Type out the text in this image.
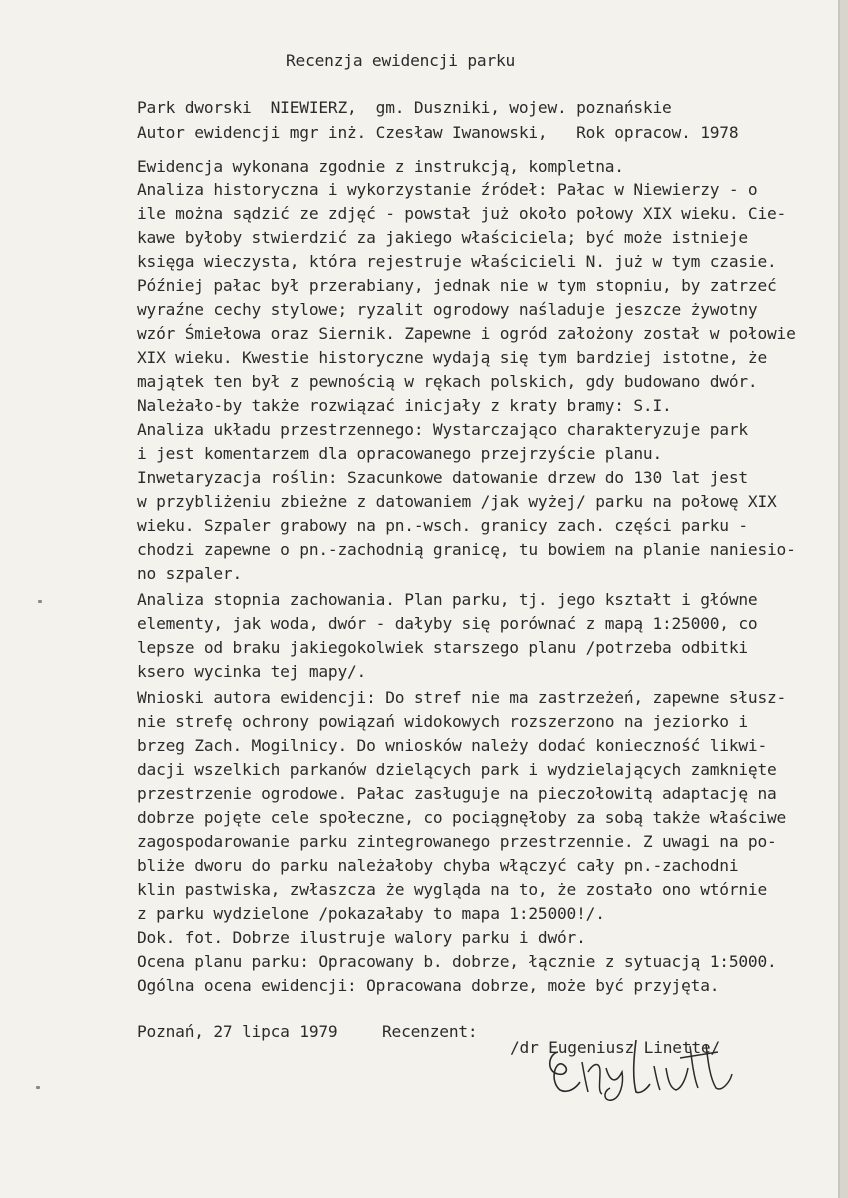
Recenzja ewidencji parku
Park dworski  NIEWIERZ,  gm. Duszniki, wojew. poznańskie
Autor ewidencji mgr inż. Czesław Iwanowski,   Rok opracow. 1978
Ewidencja wykonana zgodnie z instrukcją, kompletna.
Analiza historyczna i wykorzystanie źródeł: Pałac w Niewierzy - o
ile można sądzić ze zdjęć - powstał już około połowy XIX wieku. Cie-
kawe byłoby stwierdzić za jakiego właściciela; być może istnieje
księga wieczysta, która rejestruje właścicieli N. już w tym czasie.
Później pałac był przerabiany, jednak nie w tym stopniu, by zatrzeć
wyraźne cechy stylowe; ryzalit ogrodowy naśladuje jeszcze żywotny
wzór Śmiełowa oraz Siernik. Zapewne i ogród założony został w połowie
XIX wieku. Kwestie historyczne wydają się tym bardziej istotne, że
majątek ten był z pewnością w rękach polskich, gdy budowano dwór.
Należało-by także rozwiązać inicjały z kraty bramy: S.I.
Analiza układu przestrzennego: Wystarczająco charakteryzuje park
i jest komentarzem dla opracowanego przejrzyście planu.
Inwetaryzacja roślin: Szacunkowe datowanie drzew do 130 lat jest
w przybliżeniu zbieżne z datowaniem /jak wyżej/ parku na połowę XIX
wieku. Szpaler grabowy na pn.-wsch. granicy zach. części parku -
chodzi zapewne o pn.-zachodnią granicę, tu bowiem na planie naniesio-
no szpaler.
Analiza stopnia zachowania. Plan parku, tj. jego kształt i główne
elementy, jak woda, dwór - dałyby się porównać z mapą 1:25000, co
lepsze od braku jakiegokolwiek starszego planu /potrzeba odbitki
ksero wycinka tej mapy/.
Wnioski autora ewidencji: Do stref nie ma zastrzeżeń, zapewne słusz-
nie strefę ochrony powiązań widokowych rozszerzono na jeziorko i
brzeg Zach. Mogilnicy. Do wniosków należy dodać konieczność likwi-
dacji wszelkich parkanów dzielących park i wydzielających zamknięte
przestrzenie ogrodowe. Pałac zasługuje na pieczołowitą adaptację na
dobrze pojęte cele społeczne, co pociągnęłoby za sobą także właściwe
zagospodarowanie parku zintegrowanego przestrzennie. Z uwagi na po-
bliże dworu do parku należałoby chyba włączyć cały pn.-zachodni
klin pastwiska, zwłaszcza że wygląda na to, że zostało ono wtórnie
z parku wydzielone /pokazałaby to mapa 1:25000!/.
Dok. fot. Dobrze ilustruje walory parku i dwór.
Ocena planu parku: Opracowany b. dobrze, łącznie z sytuacją 1:5000.
Ogólna ocena ewidencji: Opracowana dobrze, może być przyjęta.
Poznań, 27 lipca 1979	Recenzent:
/dr Eugeniusz Linette/
